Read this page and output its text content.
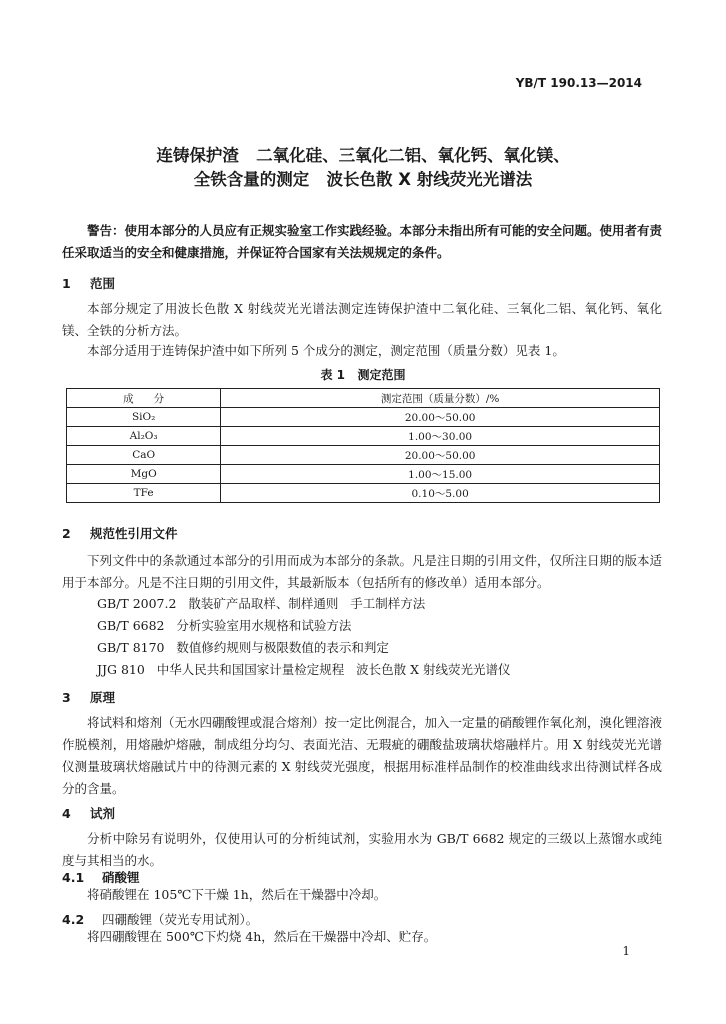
YB/T 190.13—2014
连铸保护渣   二氧化硅、三氧化二铝、氧化钙、氧化镁、
全铁含量的测定   波长色散 X 射线荧光光谱法
警告：使用本部分的人员应有正规实验室工作实践经验。本部分未指出所有可能的安全问题。使用者有责任采取适当的安全和健康措施，并保证符合国家有关法规规定的条件。
1 范围
本部分规定了用波长色散 X 射线荧光光谱法测定连铸保护渣中二氧化硅、三氧化二铝、氧化钙、氧化镁、全铁的分析方法。
本部分适用于连铸保护渣中如下所列 5 个成分的测定，测定范围（质量分数）见表 1。
表 1   测定范围
成      分	测定范围（质量分数）/%
SiO₂	20.00～50.00
Al₂O₃	1.00～30.00
CaO	20.00～50.00
MgO	1.00～15.00
TFe	0.10～5.00
2 规范性引用文件
下列文件中的条款通过本部分的引用而成为本部分的条款。凡是注日期的引用文件，仅所注日期的版本适用于本部分。凡是不注日期的引用文件，其最新版本（包括所有的修改单）适用本部分。
GB/T 2007.2   散装矿产品取样、制样通则   手工制样方法
GB/T 6682   分析实验室用水规格和试验方法
GB/T 8170   数值修约规则与极限数值的表示和判定
JJG 810   中华人民共和国国家计量检定规程   波长色散 X 射线荧光光谱仪
3 原理
将试料和熔剂（无水四硼酸锂或混合熔剂）按一定比例混合，加入一定量的硝酸锂作氧化剂，溴化锂溶液作脱模剂，用熔融炉熔融，制成组分均匀、表面光洁、无瑕疵的硼酸盐玻璃状熔融样片。用 X 射线荧光光谱仪测量玻璃状熔融试片中的待测元素的 X 射线荧光强度，根据用标准样品制作的校准曲线求出待测试样各成分的含量。
4 试剂
分析中除另有说明外，仅使用认可的分析纯试剂，实验用水为 GB/T 6682 规定的三级以上蒸馏水或纯度与其相当的水。
4.1 硝酸锂
将硝酸锂在 105℃下干燥 1h，然后在干燥器中冷却。
4.2 四硼酸锂（荧光专用试剂）。
将四硼酸锂在 500℃下灼烧 4h，然后在干燥器中冷却、贮存。
1
